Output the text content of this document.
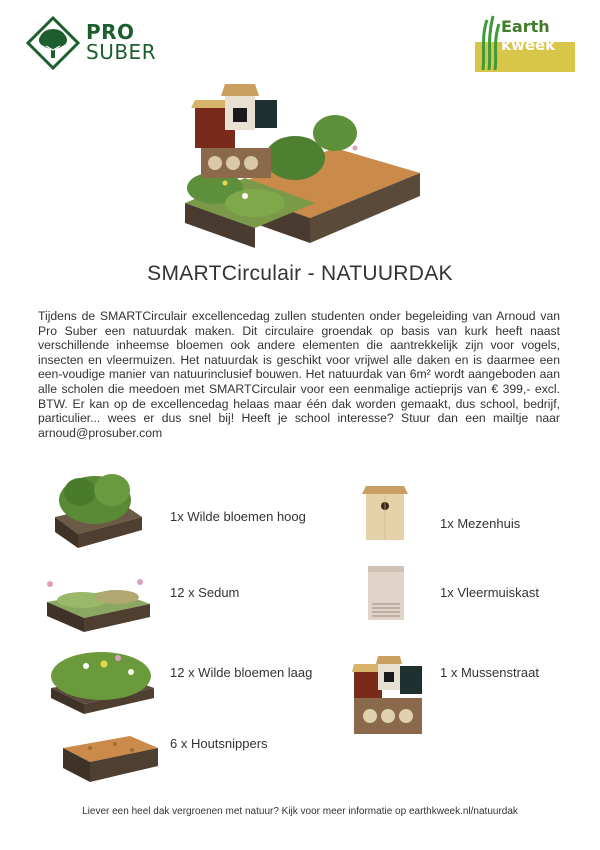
PRO
SUBER
Earth
kweek
SMARTCirculair - NATUURDAK
Tijdens de SMARTCirculair excellencedag zullen studenten onder begeleiding van Arnoud van Pro Suber een natuurdak maken. Dit circulaire groendak op basis van kurk heeft naast verschillende inheemse bloemen ook andere elementen die aantrekkelijk zijn voor vogels, insecten en vleermuizen. Het natuurdak is geschikt voor vrijwel alle daken en is daarmee een een-voudige manier van natuurinclusief bouwen. Het natuurdak van 6m² wordt aangeboden aan alle scholen die meedoen met SMARTCirculair voor een eenmalige actieprijs van € 399,- excl. BTW. Er kan op de excellencedag helaas maar één dak worden gemaakt, dus school, bedrijf, particulier... wees er dus snel bij! Heeft je school interesse? Stuur dan een mailtje naar arnoud@prosuber.com
1x Wilde bloemen hoog
12 x Sedum
12 x Wilde bloemen laag
6 x Houtsnippers
1x Mezenhuis
1x Vleermuiskast
1 x Mussenstraat
Liever een heel dak vergroenen met natuur? Kijk voor meer informatie op earthkweek.nl/natuurdak
